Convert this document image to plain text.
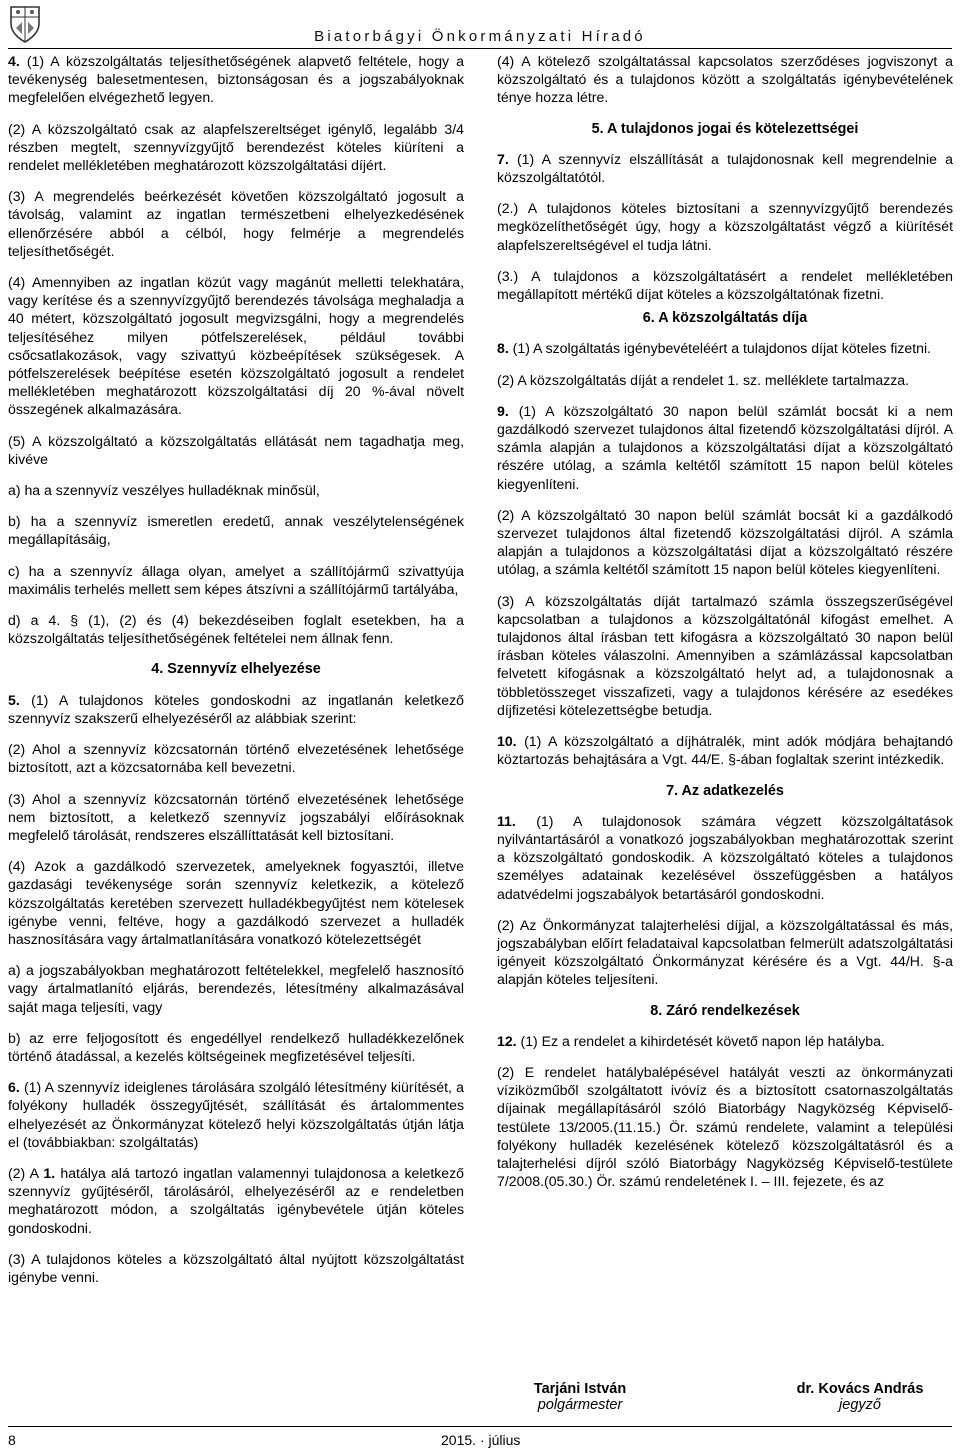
Biatorbágyi Önkormányzati Híradó

4. (1) A közszolgáltatás teljesíthetőségének alapvető feltétele, hogy a tevékenység balesetmentesen, biztonságosan és a jogszabályoknak megfelelően elvégezhető legyen.

(2) A közszolgáltató csak az alapfelszereltséget igénylő, legalább 3/4 részben megtelt, szennyvízgyűjtő berendezést köteles kiüríteni a rendelet mellékletében meghatározott közszolgáltatási díjért.

(3) A megrendelés beérkezését követően közszolgáltató jogosult a távolság, valamint az ingatlan természetbeni elhelyezkedésének ellenőrzésére abból a célból, hogy felmérje a megrendelés teljesíthetőségét.

(4) Amennyiben az ingatlan közút vagy magánút melletti telekhatára, vagy kerítése és a szennyvízgyűjtő berendezés távolsága meghaladja a 40 métert, közszolgáltató jogosult megvizsgálni, hogy a megrendelés teljesítéséhez milyen pótfelszerelések, például további csőcsatlakozások, vagy szivattyú közbeépítések szükségesek. A pótfelszerelések beépítése esetén közszolgáltató jogosult a rendelet mellékletében meghatározott közszolgáltatási díj 20 %-ával növelt összegének alkalmazására.

(5) A közszolgáltató a közszolgáltatás ellátását nem tagadhatja meg, kivéve

a) ha a szennyvíz veszélyes hulladéknak minősül,

b) ha a szennyvíz ismeretlen eredetű, annak veszélytelenségének megállapításáig,

c) ha a szennyvíz állaga olyan, amelyet a szállítójármű szivattyúja maximális terhelés mellett sem képes átszívni a szállítójármű tartályába,

d) a 4. § (1), (2) és (4) bekezdéseiben foglalt esetekben, ha a közszolgáltatás teljesíthetőségének feltételei nem állnak fenn.

4. Szennyvíz elhelyezése

5. (1) A tulajdonos köteles gondoskodni az ingatlanán keletkező szennyvíz szakszerű elhelyezéséről az alábbiak szerint:

(2) Ahol a szennyvíz közcsatornán történő elvezetésének lehetősége biztosított, azt a közcsatornába kell bevezetni.

(3) Ahol a szennyvíz közcsatornán történő elvezetésének lehetősége nem biztosított, a keletkező szennyvíz jogszabályi előírásoknak megfelelő tárolását, rendszeres elszállíttatását kell biztosítani.

(4) Azok a gazdálkodó szervezetek, amelyeknek fogyasztói, illetve gazdasági tevékenysége során szennyvíz keletkezik, a kötelező közszolgáltatás keretében szervezett hulladékbegyűjtést nem kötelesek igénybe venni, feltéve, hogy a gazdálkodó szervezet a hulladék hasznosítására vagy ártalmatlanítására vonatkozó kötelezettségét

a) a jogszabályokban meghatározott feltételekkel, megfelelő hasznosító vagy ártalmatlanító eljárás, berendezés, létesítmény alkalmazásával saját maga teljesíti, vagy

b) az erre feljogosított és engedéllyel rendelkező hulladékkezelőnek történő átadással, a kezelés költségeinek megfizetésével teljesíti.

6. (1) A szennyvíz ideiglenes tárolására szolgáló létesítmény kiürítését, a folyékony hulladék összegyűjtését, szállítását és ártalommentes elhelyezését az Önkormányzat kötelező helyi közszolgáltatás útján látja el (továbbiakban: szolgáltatás)

(2) A 1. hatálya alá tartozó ingatlan valamennyi tulajdonosa a keletkező szennyvíz gyűjtéséről, tárolásáról, elhelyezéséről az e rendeletben meghatározott módon, a szolgáltatás igénybevétele útján köteles gondoskodni.

(3) A tulajdonos köteles a közszolgáltató által nyújtott közszolgáltatást igénybe venni.

(4) A kötelező szolgáltatással kapcsolatos szerződéses jogviszonyt a közszolgáltató és a tulajdonos között a szolgáltatás igénybevételének ténye hozza létre.

5. A tulajdonos jogai és kötelezettségei

7. (1) A szennyvíz elszállítását a tulajdonosnak kell megrendelnie a közszolgáltatótól.

(2.) A tulajdonos köteles biztosítani a szennyvízgyűjtő berendezés megközelíthetőségét úgy, hogy a közszolgáltatást végző a kiürítését alapfelszereltségével el tudja látni.

(3.) A tulajdonos a közszolgáltatásért a rendelet mellékletében megállapított mértékű díjat köteles a közszolgáltatónak fizetni.

6. A közszolgáltatás díja

8. (1) A szolgáltatás igénybevételéért a tulajdonos díjat köteles fizetni.

(2) A közszolgáltatás díját a rendelet 1. sz. melléklete tartalmazza.

9. (1) A közszolgáltató 30 napon belül számlát bocsát ki a nem gazdálkodó szervezet tulajdonos által fizetendő közszolgáltatási díjról. A számla alapján a tulajdonos a közszolgáltatási díjat a közszolgáltató részére utólag, a számla keltétől számított 15 napon belül köteles kiegyenlíteni.

(2) A közszolgáltató 30 napon belül számlát bocsát ki a gazdálkodó szervezet tulajdonos által fizetendő közszolgáltatási díjról. A számla alapján a tulajdonos a közszolgáltatási díjat a közszolgáltató részére utólag, a számla keltétől számított 15 napon belül köteles kiegyenlíteni.

(3) A közszolgáltatás díját tartalmazó számla összegszerűségével kapcsolatban a tulajdonos a közszolgáltatónál kifogást emelhet. A tulajdonos által írásban tett kifogásra a közszolgáltató 30 napon belül írásban köteles válaszolni. Amennyiben a számlázással kapcsolatban felvetett kifogásnak a közszolgáltató helyt ad, a tulajdonosnak a többletösszeget visszafizeti, vagy a tulajdonos kérésére az esedékes díjfizetési kötelezettségbe betudja.

10. (1) A közszolgáltató a díjhátralék, mint adók módjára behajtandó köztartozás behajtására a Vgt. 44/E. §-ában foglaltak szerint intézkedik.

7. Az adatkezelés

11. (1) A tulajdonosok számára végzett közszolgáltatások nyilvántartásáról a vonatkozó jogszabályokban meghatározottak szerint a közszolgáltató gondoskodik. A közszolgáltató köteles a tulajdonos személyes adatainak kezelésével összefüggésben a hatályos adatvédelmi jogszabályok betartásáról gondoskodni.

(2) Az Önkormányzat talajterhelési díjjal, a közszolgáltatással és más, jogszabályban előírt feladataival kapcsolatban felmerült adatszolgáltatási igényeit közszolgáltató Önkormányzat kérésére és a Vgt. 44/H. §-a alapján köteles teljesíteni.

8. Záró rendelkezések

12. (1) Ez a rendelet a kihirdetését követő napon lép hatályba.

(2) E rendelet hatálybalépésével hatályát veszti az önkormányzati víziközműből szolgáltatott ivóvíz és a biztosított csatornaszolgáltatás díjainak megállapításáról szóló Biatorbágy Nagyközség Képviselő-testülete 13/2005.(11.15.) Ör. számú rendelete, valamint a települési folyékony hulladék kezelésének kötelező közszolgáltatásról és a talajterhelési díjról szóló Biatorbágy Nagyközség Képviselő-testülete 7/2008.(05.30.) Ör. számú rendeletének I. – III. fejezete, és az

Tarjáni István
polgármester
dr. Kovács András
jegyző
8	2015. · július
